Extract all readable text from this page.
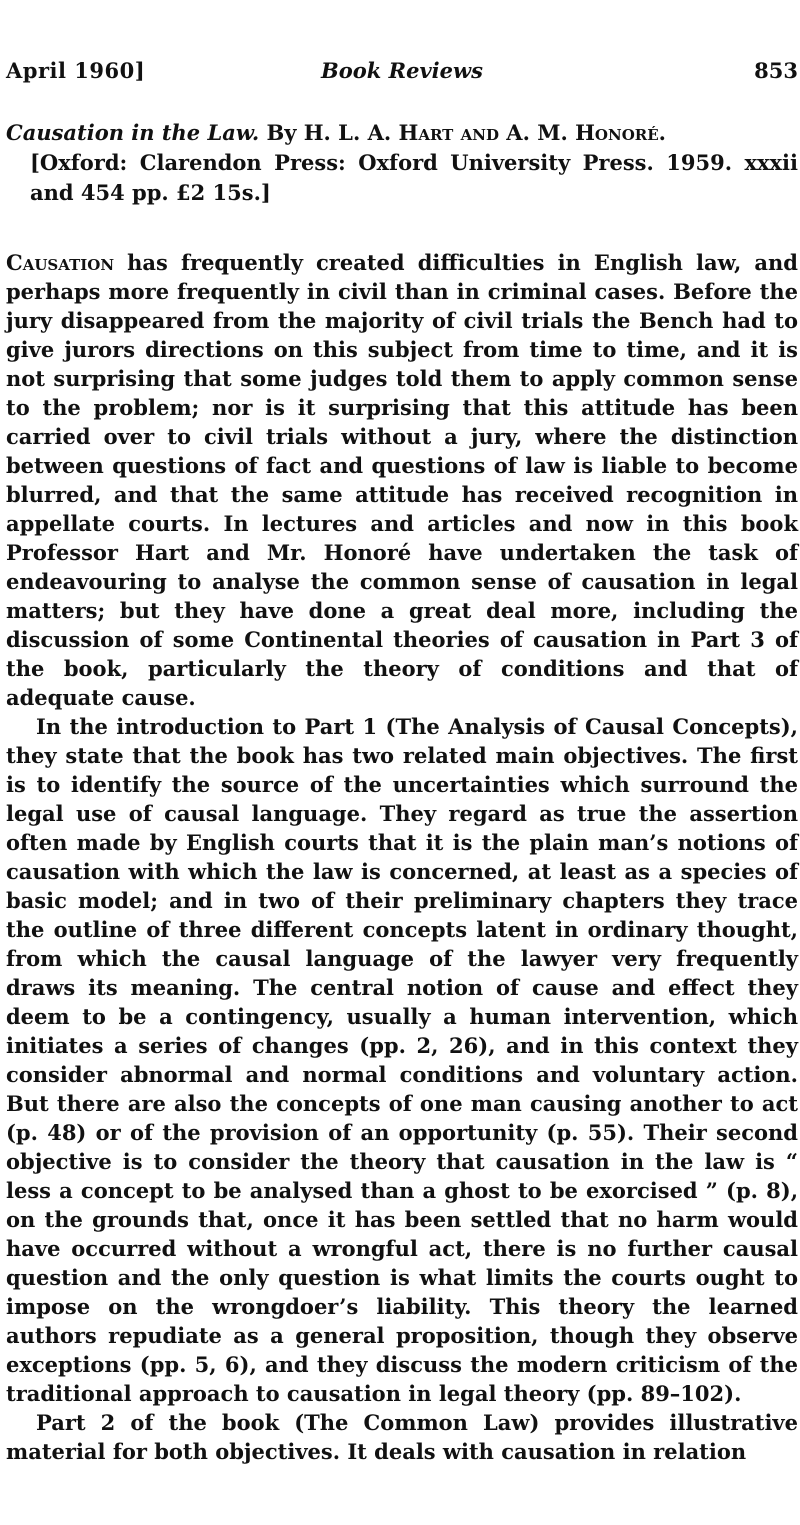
April 1960]	Book Reviews	853
Causation in the Law. By H. L. A. Hart and A. M. Honoré.
[Oxford: Clarendon Press: Oxford University Press. 1959. xxxii and 454 pp. £2 15s.]

Causation has frequently created difficulties in English law, and perhaps more frequently in civil than in criminal cases. Before the jury disappeared from the majority of civil trials the Bench had to give jurors directions on this subject from time to time, and it is not surprising that some judges told them to apply common sense to the problem; nor is it surprising that this attitude has been carried over to civil trials without a jury, where the distinction between questions of fact and questions of law is liable to become blurred, and that the same attitude has received recognition in appellate courts. In lectures and articles and now in this book Professor Hart and Mr. Honoré have undertaken the task of endeavouring to analyse the common sense of causation in legal matters; but they have done a great deal more, including the discussion of some Continental theories of causation in Part 3 of the book, particularly the theory of conditions and that of adequate cause.

In the introduction to Part 1 (The Analysis of Causal Concepts), they state that the book has two related main objectives. The first is to identify the source of the uncertainties which surround the legal use of causal language. They regard as true the assertion often made by English courts that it is the plain man’s notions of causation with which the law is concerned, at least as a species of basic model; and in two of their preliminary chapters they trace the outline of three different concepts latent in ordinary thought, from which the causal language of the lawyer very frequently draws its meaning. The central notion of cause and effect they deem to be a contingency, usually a human intervention, which initiates a series of changes (pp. 2, 26), and in this context they consider abnormal and normal conditions and voluntary action. But there are also the concepts of one man causing another to act (p. 48) or of the provision of an opportunity (p. 55). Their second objective is to consider the theory that causation in the law is “ less a concept to be analysed than a ghost to be exorcised ” (p. 8), on the grounds that, once it has been settled that no harm would have occurred without a wrongful act, there is no further causal question and the only question is what limits the courts ought to impose on the wrongdoer’s liability. This theory the learned authors repudiate as a general proposition, though they observe exceptions (pp. 5, 6), and they discuss the modern criticism of the traditional approach to causation in legal theory (pp. 89–102).

Part 2 of the book (The Common Law) provides illustrative material for both objectives. It deals with causation in relation
